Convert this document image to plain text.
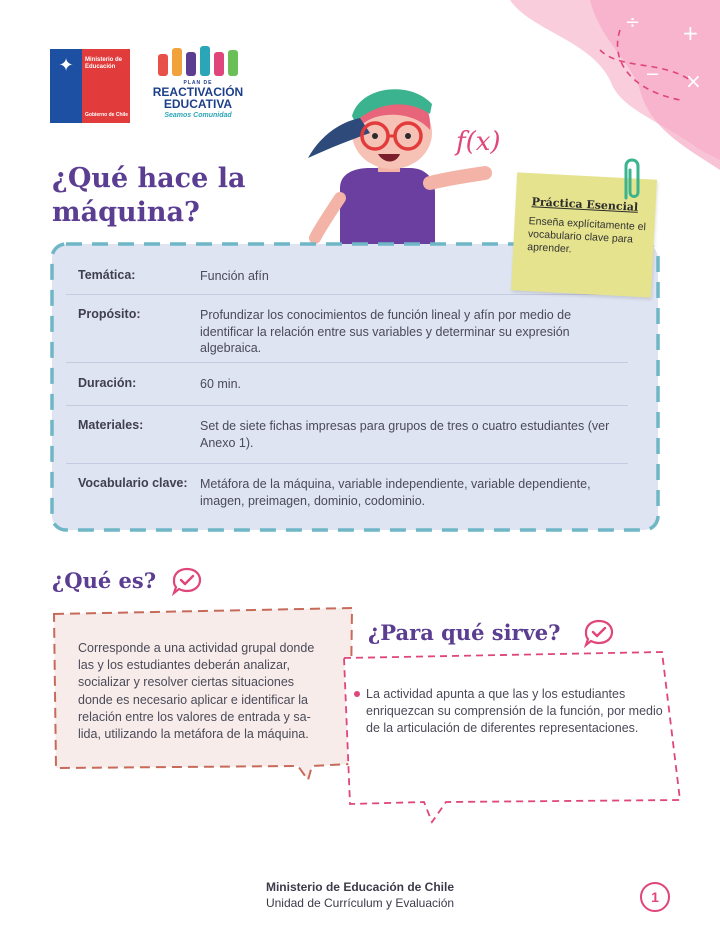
÷ +
− ×
✦	Ministerio de
Educación
Gobierno de Chile
PLAN DE
REACTIVACIÓN
EDUCATIVA
Seamos Comunidad
¿Qué hace la
máquina?
f(x)
Temática:	Función afín
Propósito:	Profundizar los conocimientos de función lineal y afín por medio de identificar la relación entre sus variables y determinar su expresión algebraica.
Duración:	60 min.
Materiales:	Set de siete fichas impresas para grupos de tres o cuatro estudiantes (ver Anexo 1).
Vocabulario clave: Metáfora de la máquina, variable independiente, variable dependiente, imagen, preimagen, dominio, codominio.
Práctica Esencial
Enseña explícitamente el vocabulario clave para aprender.
¿Qué es?
Corresponde a una actividad grupal donde las y los estudiantes deberán analizar, socializar y resolver ciertas situaciones donde es necesario aplicar e identificar la relación entre los valores de entrada y sa-lida, utilizando la metáfora de la máquina.
¿Para qué sirve?
La actividad apunta a que las y los estudiantes enriquezcan su comprensión de la función, por medio de la articulación de diferentes representaciones.
Ministerio de Educación de Chile
Unidad de Currículum y Evaluación	1
